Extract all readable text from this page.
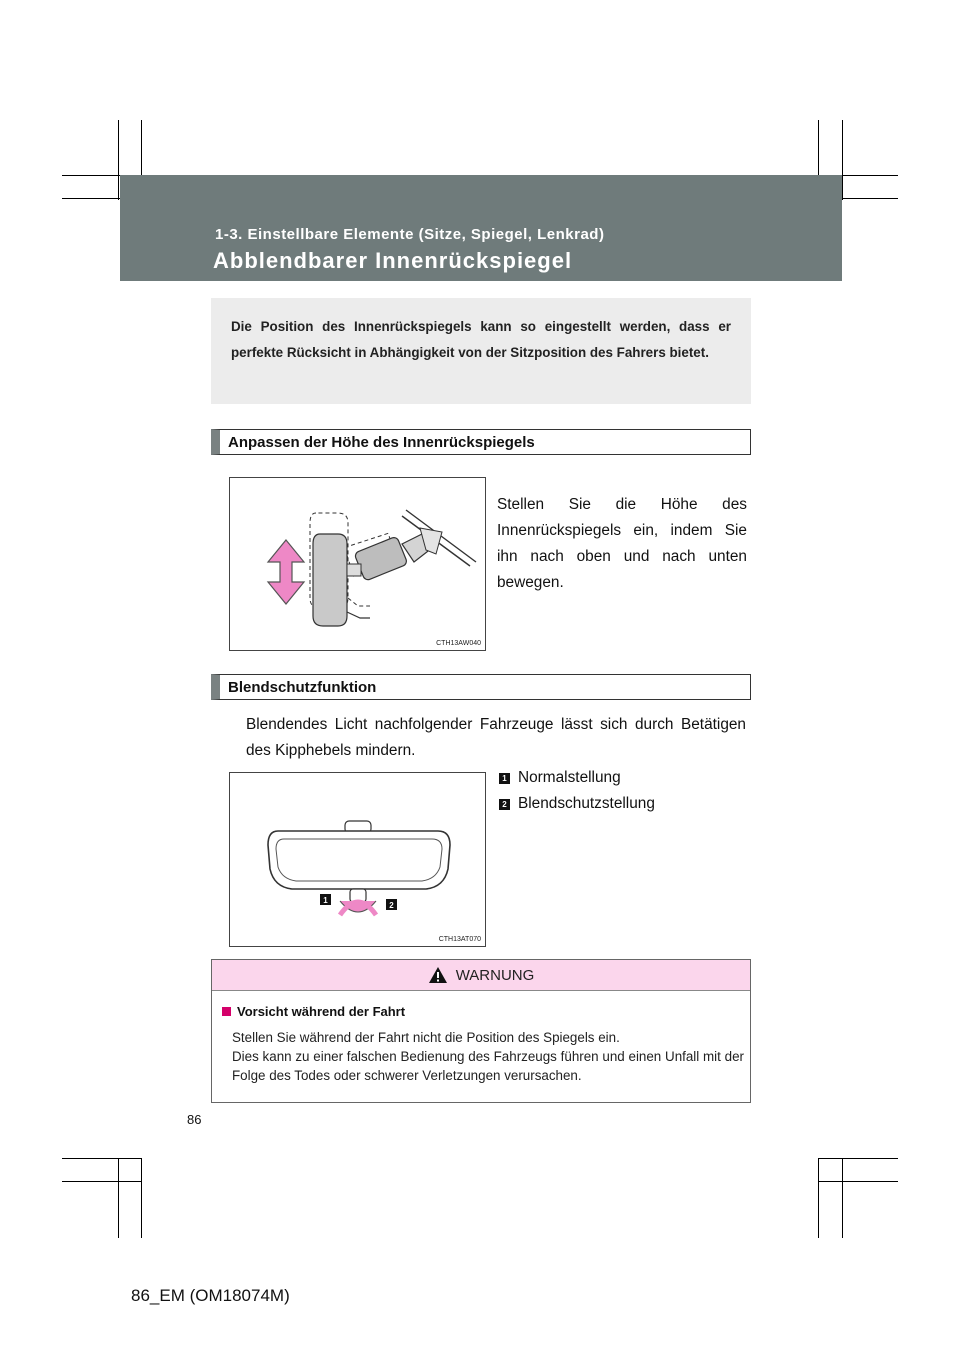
1-3. Einstellbare Elemente (Sitze, Spiegel, Lenkrad)
Abblendbarer Innenrückspiegel
Die Position des Innenrückspiegels kann so eingestellt werden, dass er perfekte Rücksicht in Abhängigkeit von der Sitzposition des Fahrers bietet.
Anpassen der Höhe des Innenrückspiegels
CTH13AW040
Stellen Sie die Höhe des Innenrückspiegels ein, indem Sie ihn nach oben und nach unten bewegen.
Blendschutzfunktion
Blendendes Licht nachfolgender Fahrzeuge lässt sich durch Betätigen des Kipphebels mindern.
1
2
CTH13AT070
1 Normalstellung
2 Blendschutzstellung
WARNUNG
Vorsicht während der Fahrt
Stellen Sie während der Fahrt nicht die Position des Spiegels ein.
Dies kann zu einer falschen Bedienung des Fahrzeugs führen und einen Unfall mit der Folge des Todes oder schwerer Verletzungen verursachen.
86
86_EM (OM18074M)
